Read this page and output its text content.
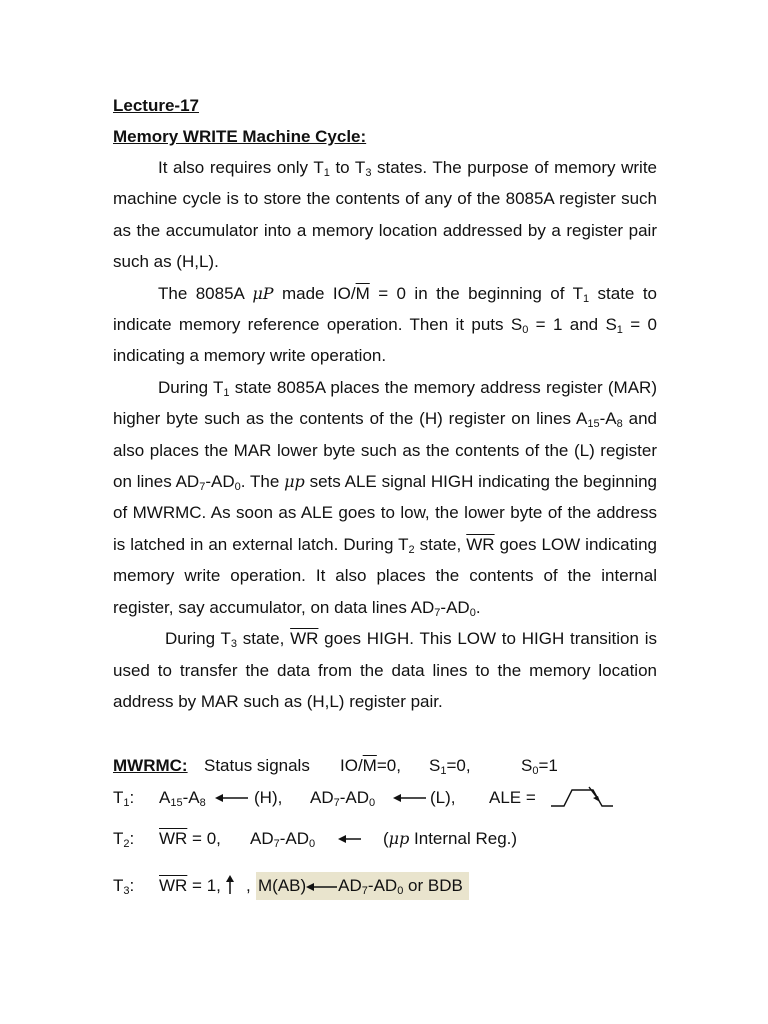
Lecture-17
Memory WRITE Machine Cycle:

It also requires only $T_1$ to $T_3$ states. The purpose of memory write machine cycle is to store the contents of any of the 8085A register such as the accumulator into a memory location addressed by a register pair such as (H,L).

The 8085A μP made $IO/\overline{M} = 0$ in the beginning of $T_1$ state to indicate memory reference operation. Then it puts $S_0 = 1$ and $S_1 = 0$ indicating a memory write operation.

During $T_1$ state 8085A places the memory address register (MAR) higher byte such as the contents of the (H) register on lines $A_{15}-A_8$ and also places the MAR lower byte such as the contents of the (L) register on lines $AD_7-AD_0$. The μp sets ALE signal HIGH indicating the beginning of MWRMC. As soon as ALE goes to low, the lower byte of the address is latched in an external latch. During $T_2$ state, $\overline{WR}$ goes LOW indicating memory write operation. It also places the contents of the internal register, say accumulator, on data lines $AD_7-AD_0$.

During $T_3$ state, $\overline{WR}$ goes HIGH. This LOW to HIGH transition is used to transfer the data from the data lines to the memory location address by MAR such as (H,L) register pair.

MWRMC: Status signals $IO/\overline{M}=0$, $S_1=0$,	$S_0=1$
$T_1$: $A_{15}-A_8$	(H), $AD_7-AD_0$	(L), ALE =
$T_2$: $\overline{WR} = 0$, $AD_7-AD_0$	(μp Internal Reg.)
$T_3$: $\overline{WR} = 1$, , M(AB) $AD_7-AD_0$ or BDB
